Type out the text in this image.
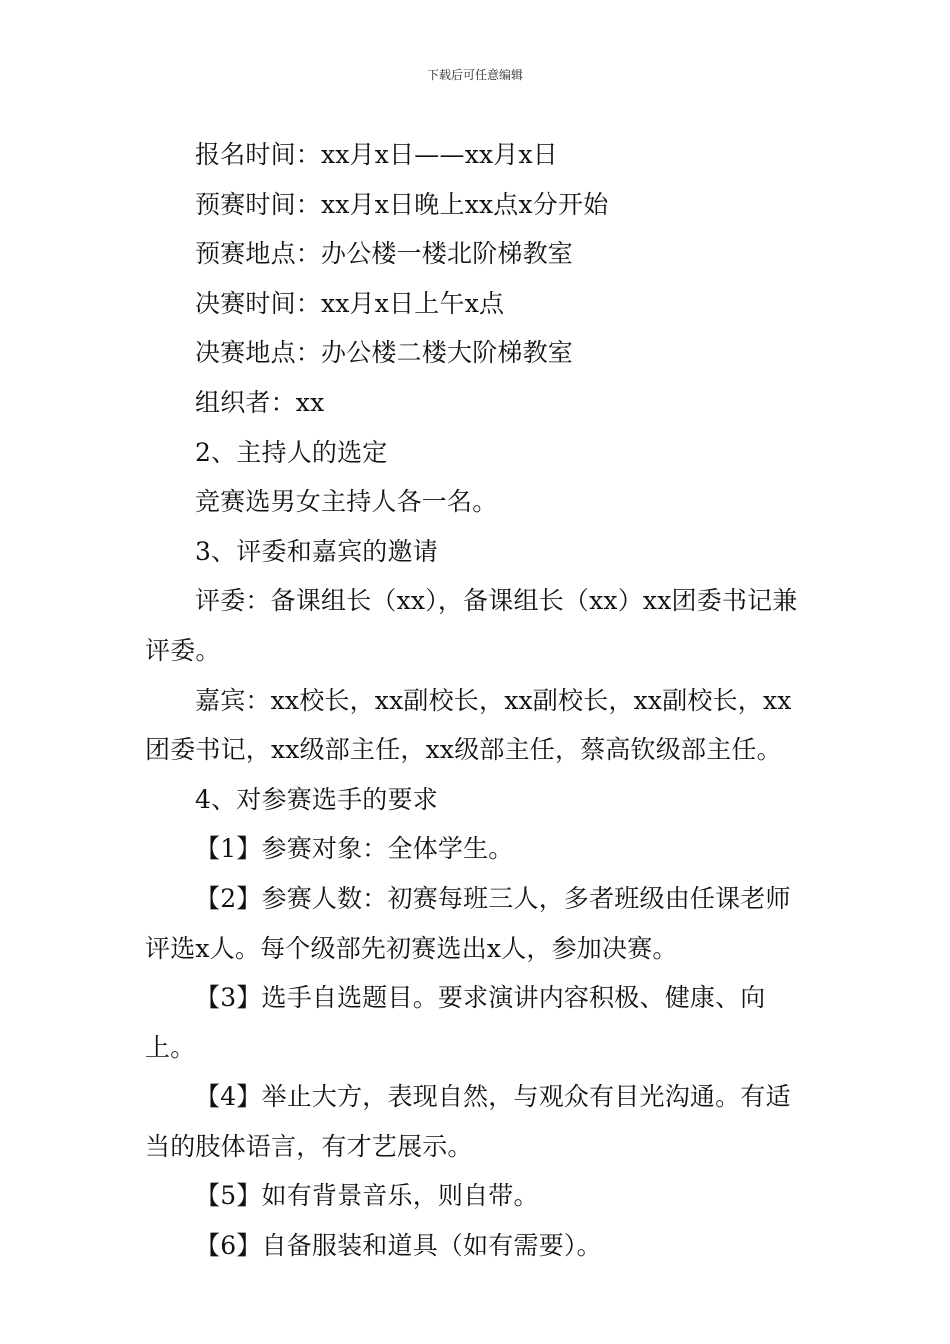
下载后可任意编辑

报名时间：xx月x日——xx月x日

预赛时间：xx月x日晚上xx点x分开始

预赛地点：办公楼一楼北阶梯教室

决赛时间：xx月x日上午x点

决赛地点：办公楼二楼大阶梯教室

组织者：xx

2、主持人的选定

竞赛选男女主持人各一名。

3、评委和嘉宾的邀请

评委：备课组长（xx），备课组长（xx）xx团委书记兼评委。

嘉宾：xx校长，xx副校长，xx副校长，xx副校长，xx团委书记，xx级部主任，xx级部主任，蔡高钦级部主任。

4、对参赛选手的要求

【1】参赛对象：全体学生。

【2】参赛人数：初赛每班三人，多者班级由任课老师评选x人。每个级部先初赛选出x人，参加决赛。

【3】选手自选题目。要求演讲内容积极、健康、向上。

【4】举止大方，表现自然，与观众有目光沟通。有适当的肢体语言，有才艺展示。

【5】如有背景音乐，则自带。

【6】自备服装和道具（如有需要）。
